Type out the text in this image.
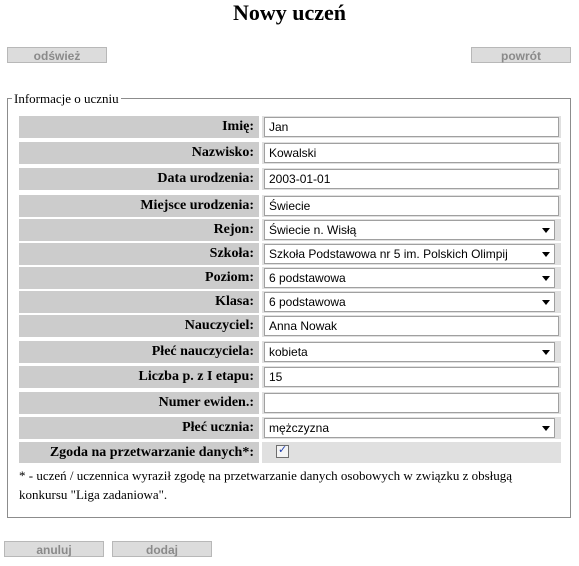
Nowy uczeń
odśwież	powrót
Informacje o uczniu
Imię:
Jan
Nazwisko:
Kowalski
Data urodzenia:
2003-01-01
Miejsce urodzenia:
Świecie
Rejon:	Świecie n. Wisłą
Szkoła:	Szkoła Podstawowa nr 5 im. Polskich Olimpij
Poziom:	6 podstawowa
Klasa:	6 podstawowa
Nauczyciel:
Anna Nowak
Płeć nauczyciela:	kobieta
Liczba p. z I etapu:
15
Numer ewiden.:
Płeć ucznia:	mężczyzna
Zgoda na przetwarzanie danych*:	✓
* - uczeń / uczennica wyraził zgodę na przetwarzanie danych osobowych w związku z obsługą konkursu "Liga zadaniowa".
anuluj	dodaj
